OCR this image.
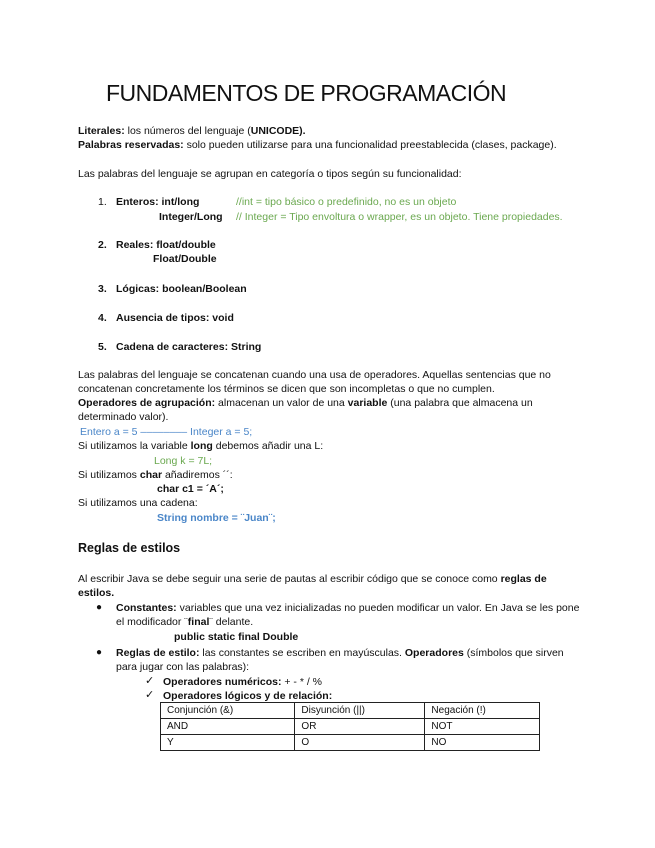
FUNDAMENTOS DE PROGRAMACIÓN
Literales: los números del lenguaje (UNICODE).
Palabras reservadas: solo pueden utilizarse para una funcionalidad preestablecida (clases, package).
Las palabras del lenguaje se agrupan en categoría o tipos según su funcionalidad:
1. Enteros: int/long	//int = tipo básico o predefinido, no es un objeto
Integer/Long // Integer = Tipo envoltura o wrapper, es un objeto. Tiene propiedades.
2. Reales: float/double
Float/Double
3. Lógicas: boolean/Boolean
4. Ausencia de tipos: void
5. Cadena de caracteres: String
Las palabras del lenguaje se concatenan cuando una usa de operadores. Aquellas sentencias que no
concatenan concretamente los términos se dicen que son incompletas o que no cumplen.
Operadores de agrupación: almacenan un valor de una variable (una palabra que almacena un
determinado valor).
Entero a = 5 –––––––– Integer a = 5;
Si utilizamos la variable long debemos añadir una L:
Long k = 7L;
Si utilizamos char añadiremos ´´:
char c1 = ´A´;
Si utilizamos una cadena:
String nombre = ¨Juan¨;
Reglas de estilos
Al escribir Java se debe seguir una serie de pautas al escribir código que se conoce como reglas de
estilos.
● Constantes: variables que una vez inicializadas no pueden modificar un valor. En Java se les pone
el modificador ¨final¨ delante.
public static final Double
● Reglas de estilo: las constantes se escriben en mayúsculas. Operadores (símbolos que sirven
para jugar con las palabras):
✓ Operadores numéricos: + - * / %
✓ Operadores lógicos y de relación:
Conjunción (&)	Disyunción (||)	Negación (!)
AND	OR	NOT
Y	O	NO
